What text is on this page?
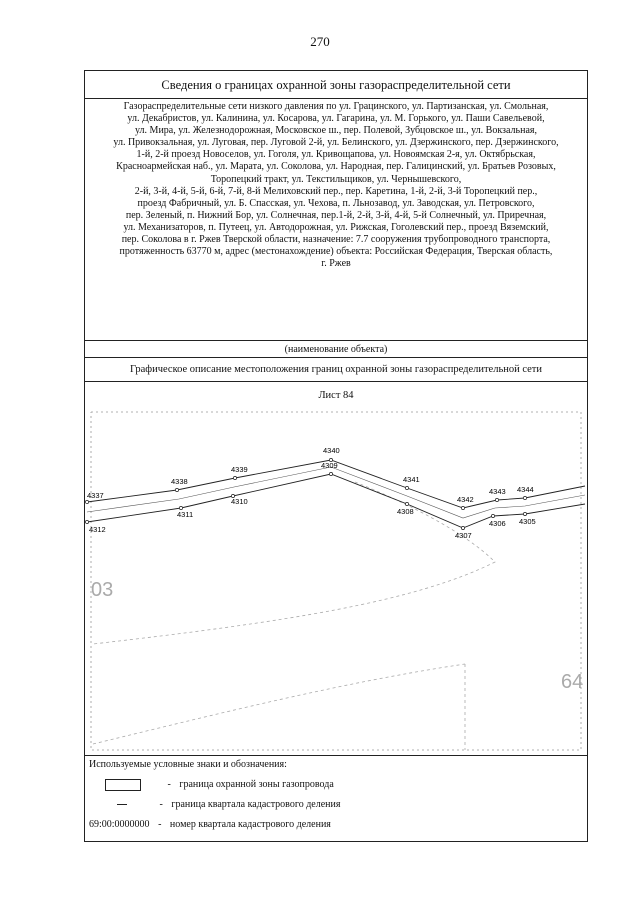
270
Сведения о границах охранной зоны газораспределительной сети
Газораспределительные сети низкого давления по ул. Грацинского, ул. Партизанская, ул. Смольная,
ул. Декабристов, ул. Калинина, ул. Косарова, ул. Гагарина, ул. М. Горького, ул. Паши Савельевой,
ул. Мира, ул. Железнодорожная, Московское ш., пер. Полевой, Зубцовское ш., ул. Вокзальная,
ул. Привокзальная, ул. Луговая, пер. Луговой 2-й, ул. Белинского, ул. Дзержинского, пер. Дзержинского,
1-й, 2-й проезд Новоселов, ул. Гоголя, ул. Кривощапова, ул. Новоямская 2-я, ул. Октябрьская,
Красноармейская наб., ул. Марата, ул. Соколова, ул. Народная, пер. Галицинский, ул. Братьев Розовых,
Торопецкий тракт, ул. Текстильщиков, ул. Чернышевского,
2-й, 3-й, 4-й, 5-й, 6-й, 7-й, 8-й Мелиховский пер., пер. Каретина, 1-й, 2-й, 3-й Торопецкий пер.,
проезд Фабричный, ул. Б. Спасская, ул. Чехова, п. Льнозавод, ул. Заводская, ул. Петровского,
пер. Зеленый, п. Нижний Бор, ул. Солнечная, пер.1-й, 2-й, 3-й, 4-й, 5-й Солнечный, ул. Приречная,
ул. Механизаторов, п. Путеец, ул. Автодорожная, ул. Рижская, Гоголевский пер., проезд Вяземский,
пер. Соколова в г. Ржев Тверской области, назначение: 7.7 сооружения трубопроводного транспорта,
протяженность 63770 м, адрес (местонахождение) объекта: Российская Федерация, Тверская область,
г. Ржев
(наименование объекта)
Графическое описание местоположения границ охранной зоны газораспределительной сети
Лист 84
4337
4338
4339
4340
4341
4342
4343 4344
4312
4311
4310
4309
4308
4307
4306 4305
03
64
Используемые условные знаки и обозначения:
- граница охранной зоны газопровода
- граница квартала кадастрового деления
69:00:0000000 - номер квартала кадастрового деления
